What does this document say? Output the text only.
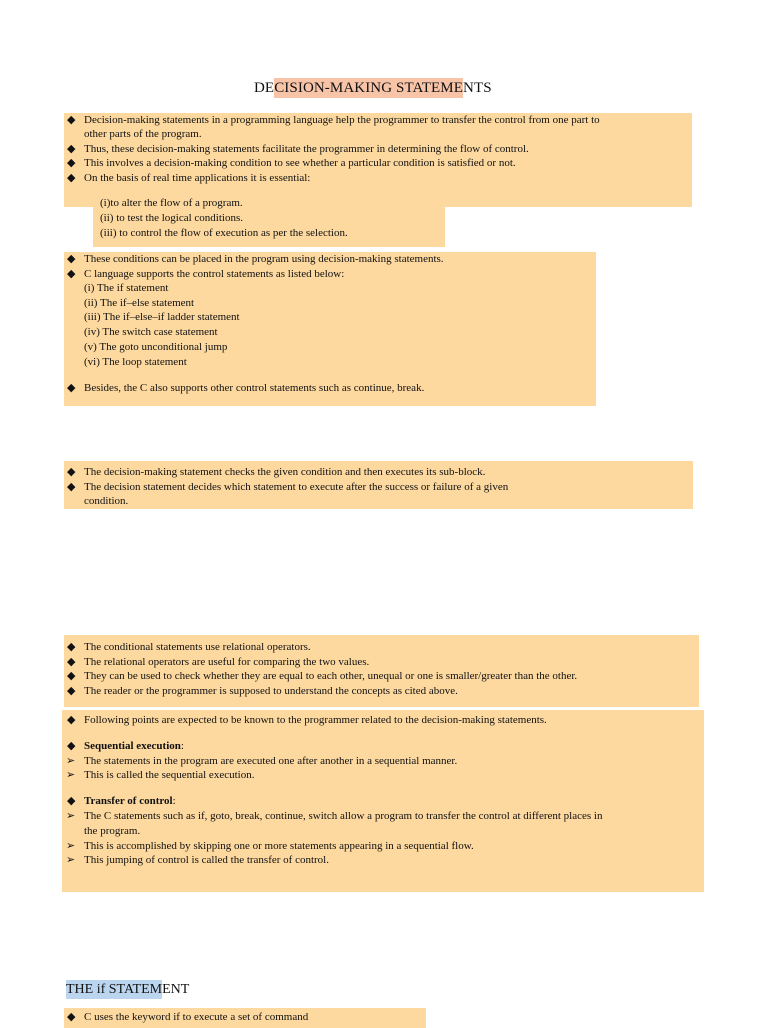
DECISION-MAKING STATEMENTS
◆ Decision-making statements in a programming language help the programmer to transfer the control from one part to
other parts of the program.
◆ Thus, these decision-making statements facilitate the programmer in determining the flow of control.
◆ This involves a decision-making condition to see whether a particular condition is satisfied or not.
◆ On the basis of real time applications it is essential:
(i)to alter the flow of a program.
(ii) to test the logical conditions.
(iii) to control the flow of execution as per the selection.
◆ These conditions can be placed in the program using decision-making statements.
◆ C language supports the control statements as listed below:
(i) The if statement
(ii) The if–else statement
(iii) The if–else–if ladder statement
(iv) The switch case statement
(v) The goto unconditional jump
(vi) The loop statement
◆ Besides, the C also supports other control statements such as continue, break.
◆ The decision-making statement checks the given condition and then executes its sub-block.
◆ The decision statement decides which statement to execute after the success or failure of a given
condition.
◆ The conditional statements use relational operators.
◆ The relational operators are useful for comparing the two values.
◆ They can be used to check whether they are equal to each other, unequal or one is smaller/greater than the other.
◆ The reader or the programmer is supposed to understand the concepts as cited above.
◆ Following points are expected to be known to the programmer related to the decision-making statements.
◆ Sequential execution:
➢ The statements in the program are executed one after another in a sequential manner.
➢ This is called the sequential execution.
◆ Transfer of control:
➢ The C statements such as if, goto, break, continue, switch allow a program to transfer the control at different places in
the program.
➢ This is accomplished by skipping one or more statements appearing in a sequential flow.
➢ This jumping of control is called the transfer of control.
THE if STATEMENT
◆ C uses the keyword if to execute a set of command
